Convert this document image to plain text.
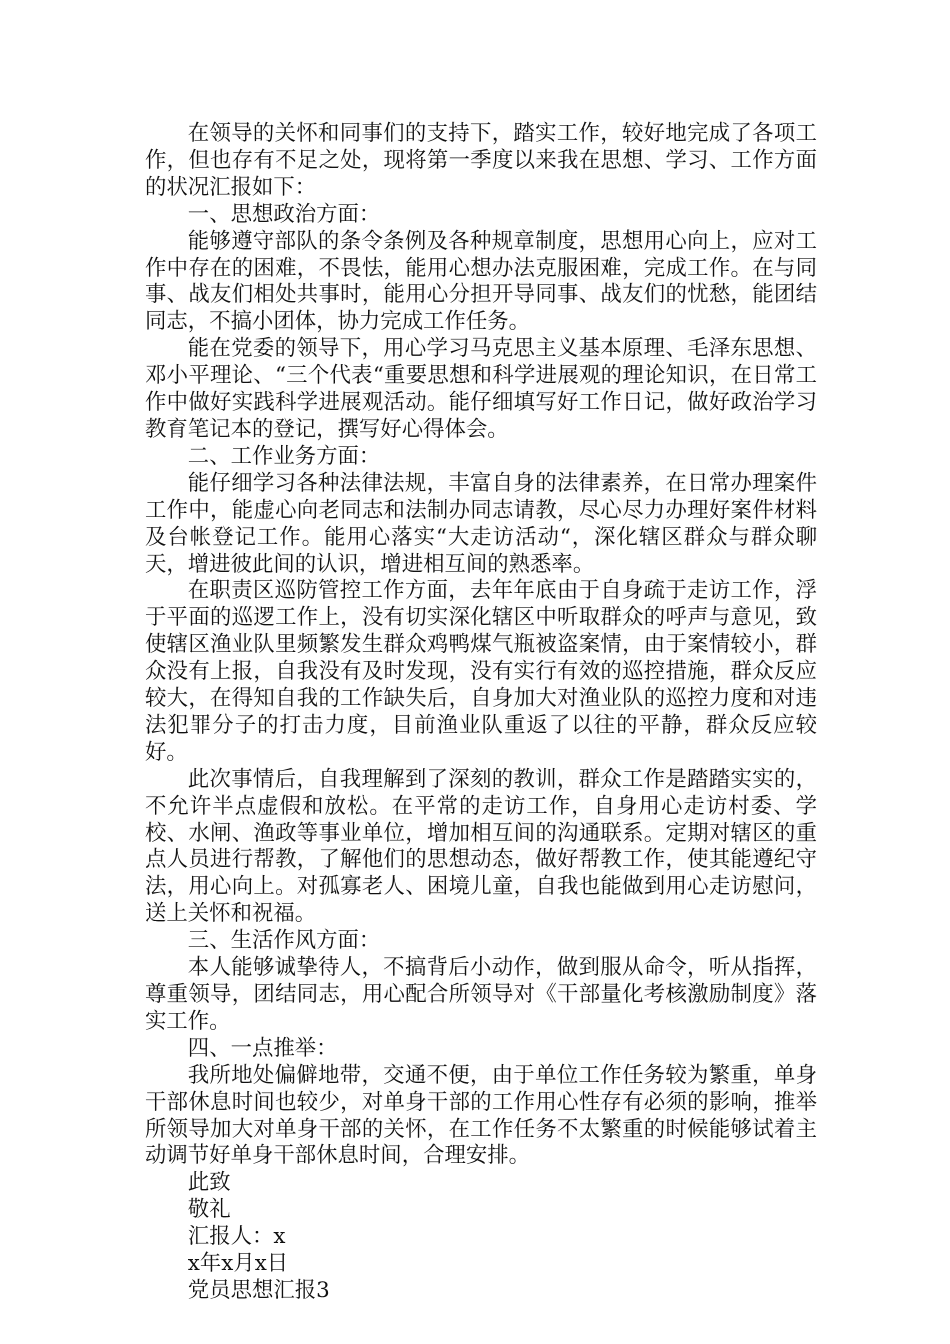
在领导的关怀和同事们的支持下，踏实工作，较好地完成了各项工作，但也存有不足之处，现将第一季度以来我在思想、学习、工作方面的状况汇报如下：

一、思想政治方面：

能够遵守部队的条令条例及各种规章制度，思想用心向上，应对工作中存在的困难，不畏怯，能用心想办法克服困难，完成工作。在与同事、战友们相处共事时，能用心分担开导同事、战友们的忧愁，能团结同志，不搞小团体，协力完成工作任务。

能在党委的领导下，用心学习马克思主义基本原理、毛泽东思想、邓小平理论、“三个代表“重要思想和科学进展观的理论知识，在日常工作中做好实践科学进展观活动。能仔细填写好工作日记，做好政治学习教育笔记本的登记，撰写好心得体会。

二、工作业务方面：

能仔细学习各种法律法规，丰富自身的法律素养，在日常办理案件工作中，能虚心向老同志和法制办同志请教，尽心尽力办理好案件材料及台帐登记工作。能用心落实“大走访活动“，深化辖区群众与群众聊天，增进彼此间的认识，增进相互间的熟悉率。

在职责区巡防管控工作方面，去年年底由于自身疏于走访工作，浮于平面的巡逻工作上，没有切实深化辖区中听取群众的呼声与意见，致使辖区渔业队里频繁发生群众鸡鸭煤气瓶被盗案情，由于案情较小，群众没有上报，自我没有及时发现，没有实行有效的巡控措施，群众反应较大，在得知自我的工作缺失后，自身加大对渔业队的巡控力度和对违法犯罪分子的打击力度，目前渔业队重返了以往的平静，群众反应较好。

此次事情后，自我理解到了深刻的教训，群众工作是踏踏实实的，不允许半点虚假和放松。在平常的走访工作，自身用心走访村委、学校、水闸、渔政等事业单位，增加相互间的沟通联系。定期对辖区的重点人员进行帮教，了解他们的思想动态，做好帮教工作，使其能遵纪守法，用心向上。对孤寡老人、困境儿童，自我也能做到用心走访慰问，送上关怀和祝福。

三、生活作风方面：

本人能够诚挚待人，不搞背后小动作，做到服从命令，听从指挥，尊重领导，团结同志，用心配合所领导对《干部量化考核激励制度》落实工作。

四、一点推举：

我所地处偏僻地带，交通不便，由于单位工作任务较为繁重，单身干部休息时间也较少，对单身干部的工作用心性存有必须的影响，推举所领导加大对单身干部的关怀，在工作任务不太繁重的时候能够试着主动调节好单身干部休息时间，合理安排。

此致

敬礼

汇报人：x

x年x月x日

党员思想汇报3
